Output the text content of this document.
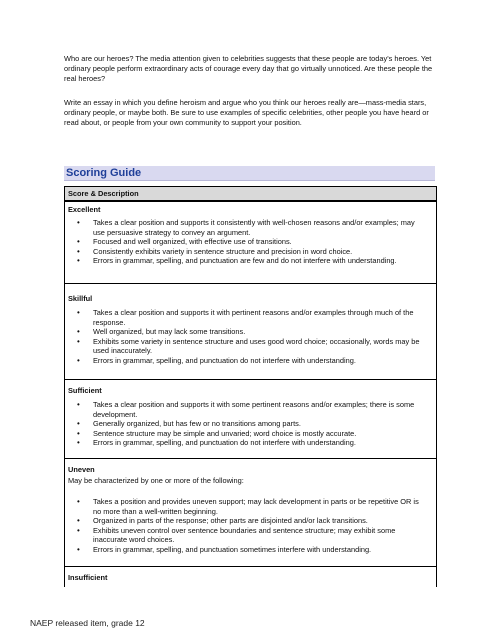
Who are our heroes? The media attention given to celebrities suggests that these people are today's heroes. Yet ordinary people perform extraordinary acts of courage every day that go virtually unnoticed. Are these people the real heroes?

Write an essay in which you define heroism and argue who you think our heroes really are—mass-media stars, ordinary people, or maybe both. Be sure to use examples of specific celebrities, other people you have heard or read about, or people from your own community to support your position.

Scoring Guide
Score & Description
Excellent
• Takes a clear position and supports it consistently with well-chosen reasons and/or examples; may use persuasive strategy to convey an argument.
• Focused and well organized, with effective use of transitions.
• Consistently exhibits variety in sentence structure and precision in word choice.
• Errors in grammar, spelling, and punctuation are few and do not interfere with understanding.
Skillful
• Takes a clear position and supports it with pertinent reasons and/or examples through much of the response.
• Well organized, but may lack some transitions.
• Exhibits some variety in sentence structure and uses good word choice; occasionally, words may be used inaccurately.
• Errors in grammar, spelling, and punctuation do not interfere with understanding.
Sufficient
• Takes a clear position and supports it with some pertinent reasons and/or examples; there is some development.
• Generally organized, but has few or no transitions among parts.
• Sentence structure may be simple and unvaried; word choice is mostly accurate.
• Errors in grammar, spelling, and punctuation do not interfere with understanding.
Uneven

May be characterized by one or more of the following:

• Takes a position and provides uneven support; may lack development in parts or be repetitive OR is no more than a well-written beginning.
• Organized in parts of the response; other parts are disjointed and/or lack transitions.
• Exhibits uneven control over sentence boundaries and sentence structure; may exhibit some inaccurate word choices.
• Errors in grammar, spelling, and punctuation sometimes interfere with understanding.
Insufficient
NAEP released item, grade 12
